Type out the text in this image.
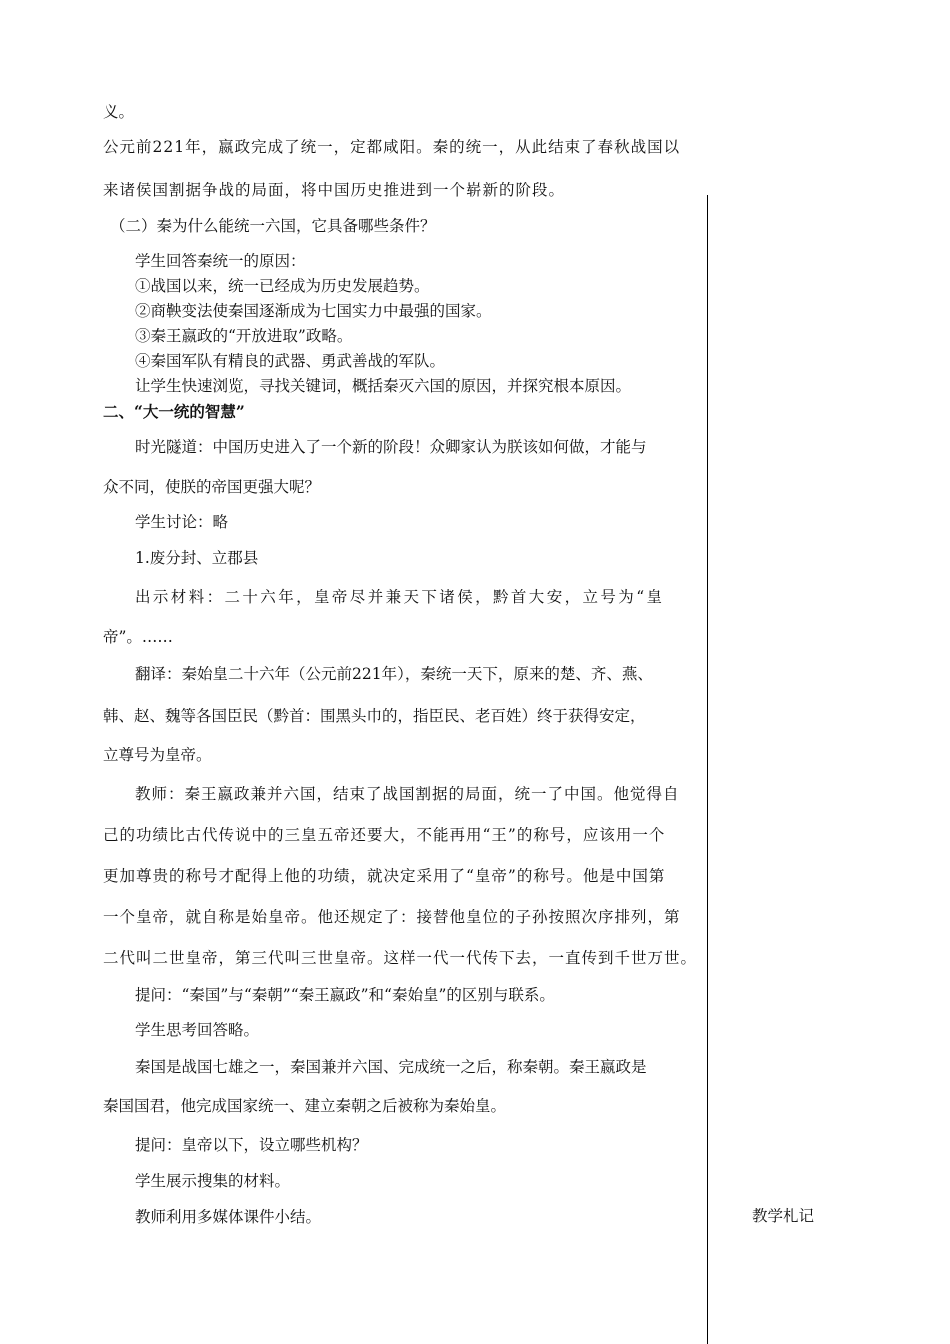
义。
公元前221年，嬴政完成了统一，定都咸阳。秦的统一，从此结束了春秋战国以
来诸侯国割据争战的局面，将中国历史推进到一个崭新的阶段。
（二）秦为什么能统一六国，它具备哪些条件？
学生回答秦统一的原因：
①战国以来，统一已经成为历史发展趋势。
②商鞅变法使秦国逐渐成为七国实力中最强的国家。
③秦王嬴政的“开放进取”政略。
④秦国军队有精良的武器、勇武善战的军队。
让学生快速浏览，寻找关键词，概括秦灭六国的原因，并探究根本原因。
二、“大一统的智慧”
时光隧道：中国历史进入了一个新的阶段！众卿家认为朕该如何做，才能与
众不同，使朕的帝国更强大呢？
学生讨论：略
1.废分封、立郡县
出示材料：二十六年，皇帝尽并兼天下诸侯，黔首大安，立号为“皇
帝”。……
翻译：秦始皇二十六年（公元前221年），秦统一天下，原来的楚、齐、燕、
韩、赵、魏等各国臣民（黔首：围黑头巾的，指臣民、老百姓）终于获得安定，
立尊号为皇帝。
教师：秦王嬴政兼并六国，结束了战国割据的局面，统一了中国。他觉得自
己的功绩比古代传说中的三皇五帝还要大，不能再用“王”的称号，应该用一个
更加尊贵的称号才配得上他的功绩，就决定采用了“皇帝”的称号。他是中国第
一个皇帝，就自称是始皇帝。他还规定了：接替他皇位的子孙按照次序排列，第
二代叫二世皇帝，第三代叫三世皇帝。这样一代一代传下去，一直传到千世万世。
提问：“秦国”与“秦朝”“秦王嬴政”和“秦始皇”的区别与联系。
学生思考回答略。
秦国是战国七雄之一，秦国兼并六国、完成统一之后，称秦朝。秦王嬴政是
秦国国君，他完成国家统一、建立秦朝之后被称为秦始皇。
提问：皇帝以下，设立哪些机构？
学生展示搜集的材料。
教师利用多媒体课件小结。	教学札记
